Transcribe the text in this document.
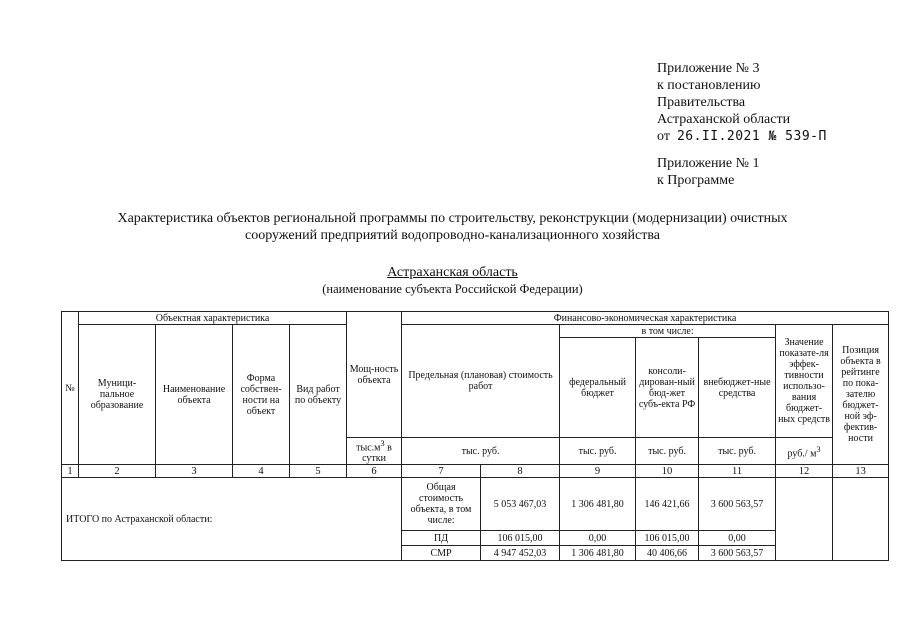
Приложение № 3
к постановлению
Правительства
Астраханской области
от 26.II.2021 № 539-П
Приложение № 1
к Программе
Характеристика объектов региональной программы по строительству, реконструкции (модернизации) очистных
сооружений предприятий водопроводно-канализационного хозяйства
Астраханская область
(наименование субъекта Российской Федерации)
№	Объектная характеристика				Мощ-ность объекта	Финансово-экономическая характеристика						
	Муници-пальное образование	Наименование объекта	Форма собствен-ности на объект	Вид работ по объекту		Предельная (плановая) стоимость работ		в том числе:			Значение показате-ля эффек-тивности использо-вания бюджет-ных средств	Позиция объекта в рейтинге по пока-зателю бюджет-ной эф-фектив-ности
								федеральный бюджет	консоли-дирован-ный бюд-жет субъ-екта РФ	внебюджет-ные средства		
					$тыс.м^3$ в сутки	тыс. руб.		тыс. руб.	тыс. руб.	тыс. руб.	руб./ $м^3$
1	2	3	4	5	6	7	8	9	10	11	12	13
ИТОГО по Астраханской области:						Общая стоимость объекта, в том числе:	5 053 467,03	1 306 481,80	146 421,66	3 600 563,57		
						ПД	106 015,00	0,00	106 015,00	0,00		
						СМР	4 947 452,03	1 306 481,80	40 406,66	3 600 563,57		
